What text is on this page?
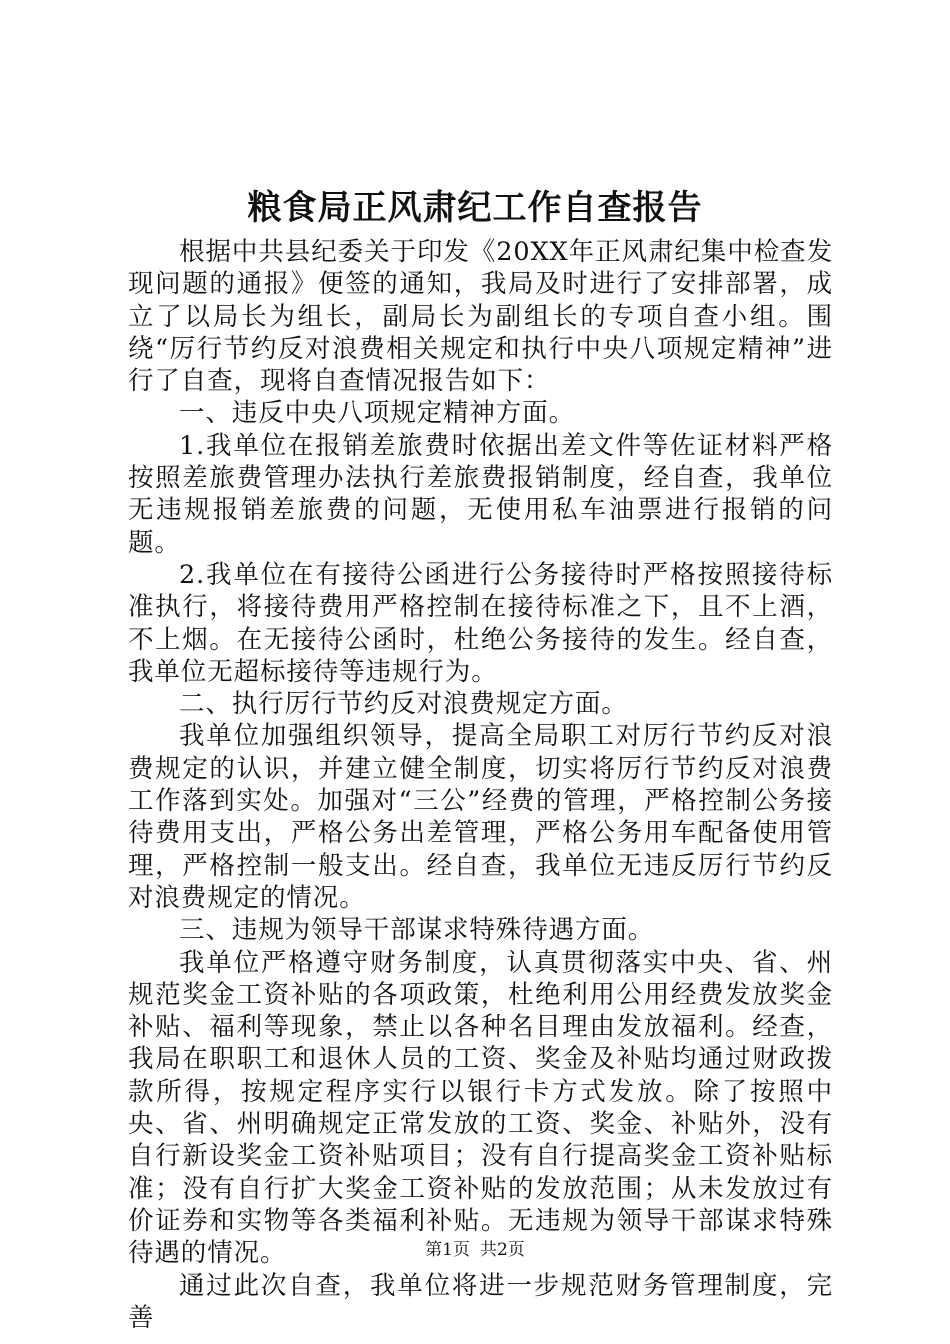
粮食局正风肃纪工作自查报告

根据中共县纪委关于印发《20XX年正风肃纪集中检查发现问题的通报》便签的通知，我局及时进行了安排部署，成立了以局长为组长，副局长为副组长的专项自查小组。围绕“厉行节约反对浪费相关规定和执行中央八项规定精神”进行了自查，现将自查情况报告如下：

一、违反中央八项规定精神方面。

1.我单位在报销差旅费时依据出差文件等佐证材料严格按照差旅费管理办法执行差旅费报销制度，经自查，我单位无违规报销差旅费的问题，无使用私车油票进行报销的问题。

2.我单位在有接待公函进行公务接待时严格按照接待标准执行，将接待费用严格控制在接待标准之下，且不上酒，不上烟。在无接待公函时，杜绝公务接待的发生。经自查，我单位无超标接待等违规行为。

二、执行厉行节约反对浪费规定方面。

我单位加强组织领导，提高全局职工对厉行节约反对浪费规定的认识，并建立健全制度，切实将厉行节约反对浪费工作落到实处。加强对“三公”经费的管理，严格控制公务接待费用支出，严格公务出差管理，严格公务用车配备使用管理，严格控制一般支出。经自查，我单位无违反厉行节约反对浪费规定的情况。

三、违规为领导干部谋求特殊待遇方面。

我单位严格遵守财务制度，认真贯彻落实中央、省、州规范奖金工资补贴的各项政策，杜绝利用公用经费发放奖金补贴、福利等现象，禁止以各种名目理由发放福利。经查，我局在职职工和退休人员的工资、奖金及补贴均通过财政拨款所得，按规定程序实行以银行卡方式发放。除了按照中央、省、州明确规定正常发放的工资、奖金、补贴外，没有自行新设奖金工资补贴项目；没有自行提高奖金工资补贴标准；没有自行扩大奖金工资补贴的发放范围；从未发放过有价证券和实物等各类福利补贴。无违规为领导干部谋求特殊待遇的情况。

通过此次自查，我单位将进一步规范财务管理制度，完善

第1页 共2页
